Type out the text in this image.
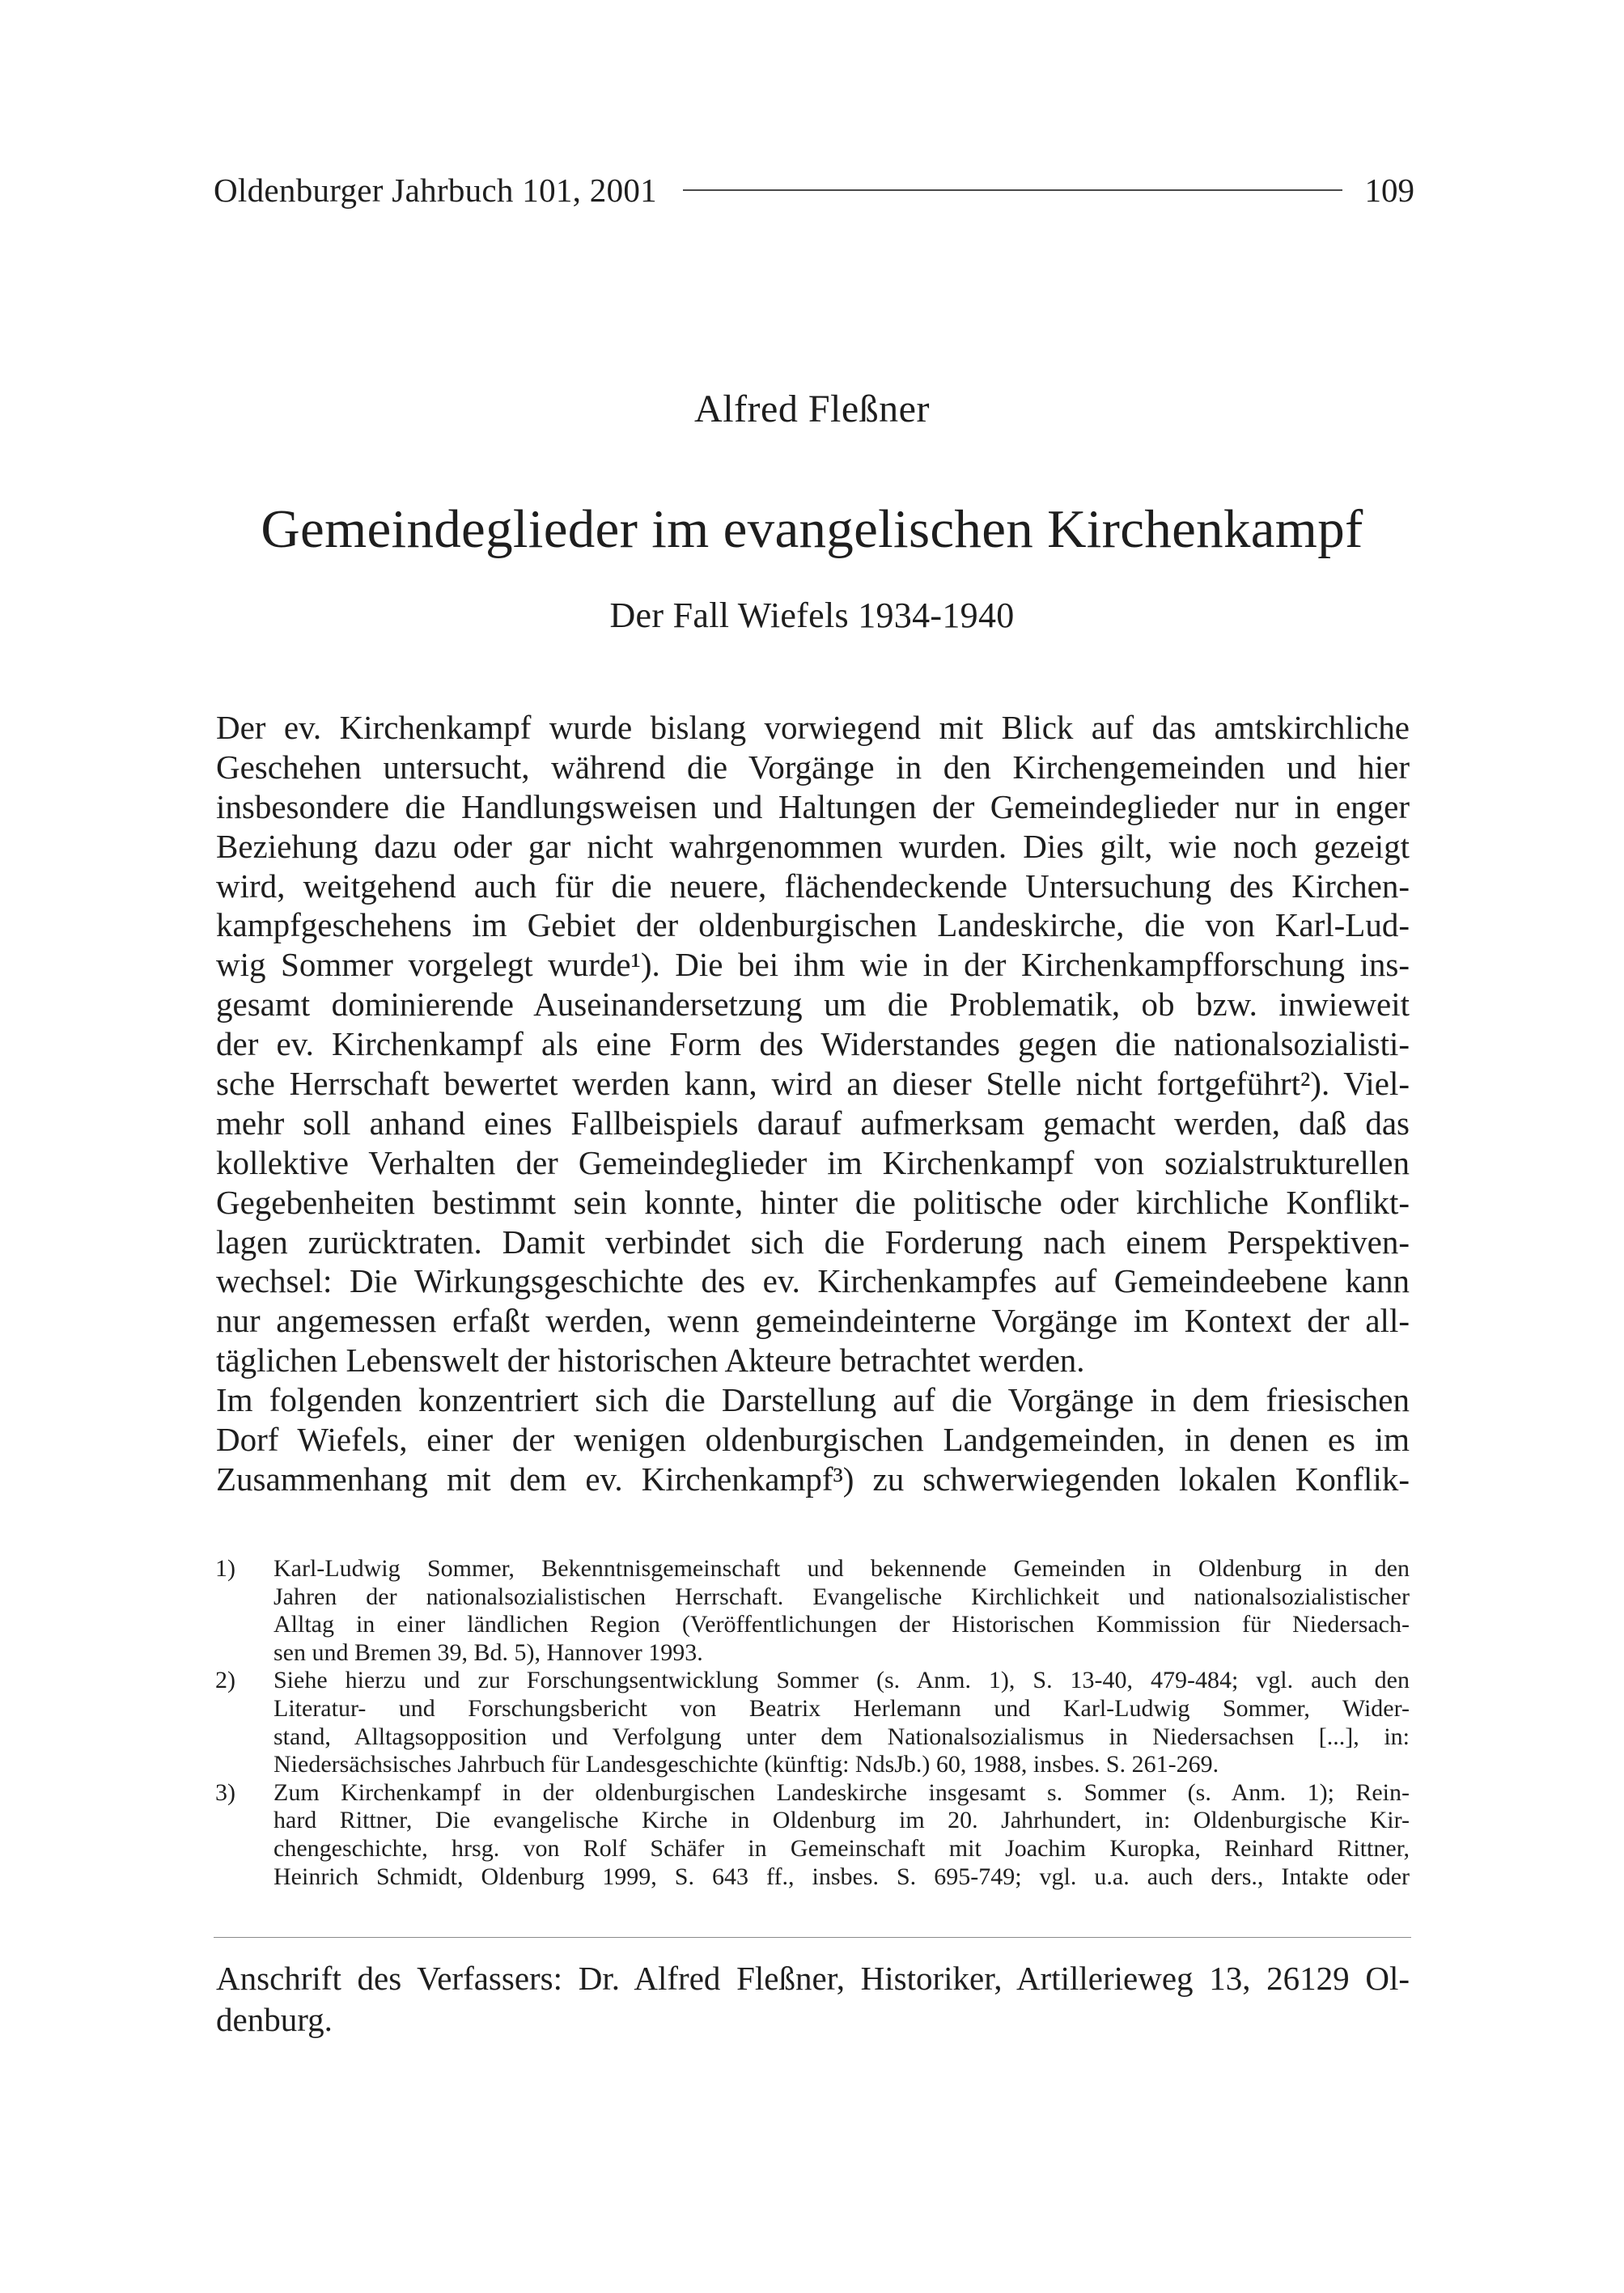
Oldenburger Jahrbuch 101, 2001	109
Alfred Fleßner
Gemeindeglieder im evangelischen Kirchenkampf
Der Fall Wiefels 1934-1940
Der ev. Kirchenkampf wurde bislang vorwiegend mit Blick auf das amtskirchliche
Geschehen untersucht, während die Vorgänge in den Kirchengemeinden und hier
insbesondere die Handlungsweisen und Haltungen der Gemeindeglieder nur in enger
Beziehung dazu oder gar nicht wahrgenommen wurden. Dies gilt, wie noch gezeigt
wird, weitgehend auch für die neuere, flächendeckende Untersuchung des Kirchen-
kampfgeschehens im Gebiet der oldenburgischen Landeskirche, die von Karl-Lud-
wig Sommer vorgelegt wurde¹). Die bei ihm wie in der Kirchenkampfforschung ins-
gesamt dominierende Auseinandersetzung um die Problematik, ob bzw. inwieweit
der ev. Kirchenkampf als eine Form des Widerstandes gegen die nationalsozialisti-
sche Herrschaft bewertet werden kann, wird an dieser Stelle nicht fortgeführt²). Viel-
mehr soll anhand eines Fallbeispiels darauf aufmerksam gemacht werden, daß das
kollektive Verhalten der Gemeindeglieder im Kirchenkampf von sozialstrukturellen
Gegebenheiten bestimmt sein konnte, hinter die politische oder kirchliche Konflikt-
lagen zurücktraten. Damit verbindet sich die Forderung nach einem Perspektiven-
wechsel: Die Wirkungsgeschichte des ev. Kirchenkampfes auf Gemeindeebene kann
nur angemessen erfaßt werden, wenn gemeindeinterne Vorgänge im Kontext der all-
täglichen Lebenswelt der historischen Akteure betrachtet werden.
Im folgenden konzentriert sich die Darstellung auf die Vorgänge in dem friesischen
Dorf Wiefels, einer der wenigen oldenburgischen Landgemeinden, in denen es im
Zusammenhang mit dem ev. Kirchenkampf³) zu schwerwiegenden lokalen Konflik-
1) Karl-Ludwig Sommer, Bekenntnisgemeinschaft und bekennende Gemeinden in Oldenburg in den
Jahren der nationalsozialistischen Herrschaft. Evangelische Kirchlichkeit und nationalsozialistischer
Alltag in einer ländlichen Region (Veröffentlichungen der Historischen Kommission für Niedersach-
sen und Bremen 39, Bd. 5), Hannover 1993.
2) Siehe hierzu und zur Forschungsentwicklung Sommer (s. Anm. 1), S. 13-40, 479-484; vgl. auch den
Literatur- und Forschungsbericht von Beatrix Herlemann und Karl-Ludwig Sommer, Wider-
stand, Alltagsopposition und Verfolgung unter dem Nationalsozialismus in Niedersachsen [...], in:
Niedersächsisches Jahrbuch für Landesgeschichte (künftig: NdsJb.) 60, 1988, insbes. S. 261-269.
3) Zum Kirchenkampf in der oldenburgischen Landeskirche insgesamt s. Sommer (s. Anm. 1); Rein-
hard Rittner, Die evangelische Kirche in Oldenburg im 20. Jahrhundert, in: Oldenburgische Kir-
chengeschichte, hrsg. von Rolf Schäfer in Gemeinschaft mit Joachim Kuropka, Reinhard Rittner,
Heinrich Schmidt, Oldenburg 1999, S. 643 ff., insbes. S. 695-749; vgl. u.a. auch ders., Intakte oder
Anschrift des Verfassers: Dr. Alfred Fleßner, Historiker, Artillerieweg 13, 26129 Ol-
denburg.
